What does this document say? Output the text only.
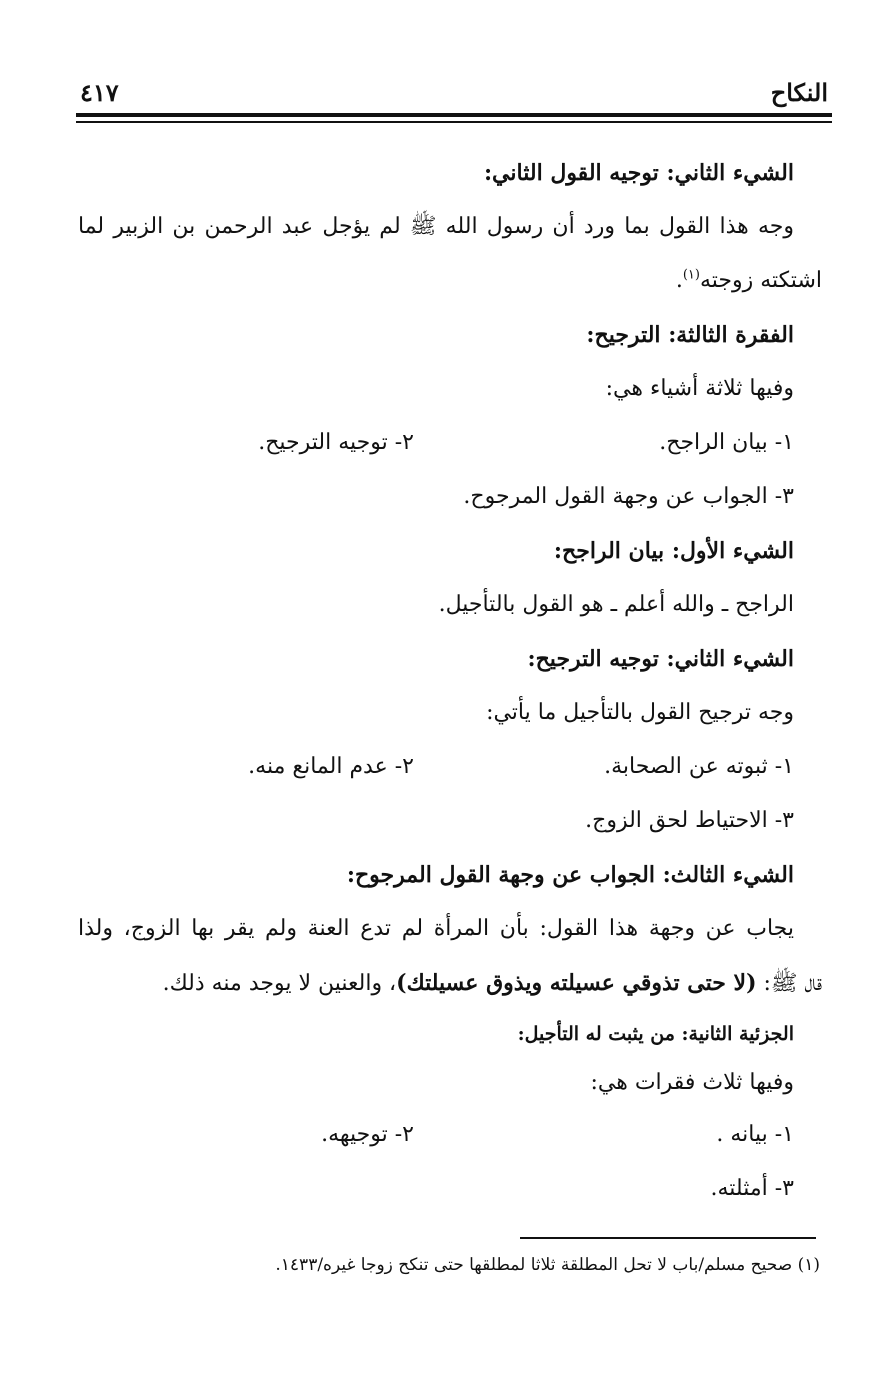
النكاح
٤١٧
الشيء الثاني: توجيه القول الثاني:
وجه هذا القول بما ورد أن رسول الله ﷺ لم يؤجل عبد الرحمن بن الزبير لما
اشتكته زوجته$^{(١)}$.
الفقرة الثالثة: الترجيح:
وفيها ثلاثة أشياء هي:
١- بيان الراجح.
٢- توجيه الترجيح.
٣- الجواب عن وجهة القول المرجوح.
الشيء الأول: بيان الراجح:
الراجح ـ والله أعلم ـ هو القول بالتأجيل.
الشيء الثاني: توجيه الترجيح:
وجه ترجيح القول بالتأجيل ما يأتي:
١- ثبوته عن الصحابة.
٢- عدم المانع منه.
٣- الاحتياط لحق الزوج.
الشيء الثالث: الجواب عن وجهة القول المرجوح:
يجاب عن وجهة هذا القول: بأن المرأة لم تدع العنة ولم يقر بها الزوج، ولذا
قال ﷺ: (لا حتى تذوقي عسيلته ويذوق عسيلتك)، والعنين لا يوجد منه ذلك.
الجزئية الثانية: من يثبت له التأجيل:
وفيها ثلاث فقرات هي:
١- بيانه .
٢- توجيهه.
٣- أمثلته.
(١) صحيح مسلم/باب لا تحل المطلقة ثلاثا لمطلقها حتى تنكح زوجا غيره/١٤٣٣.
